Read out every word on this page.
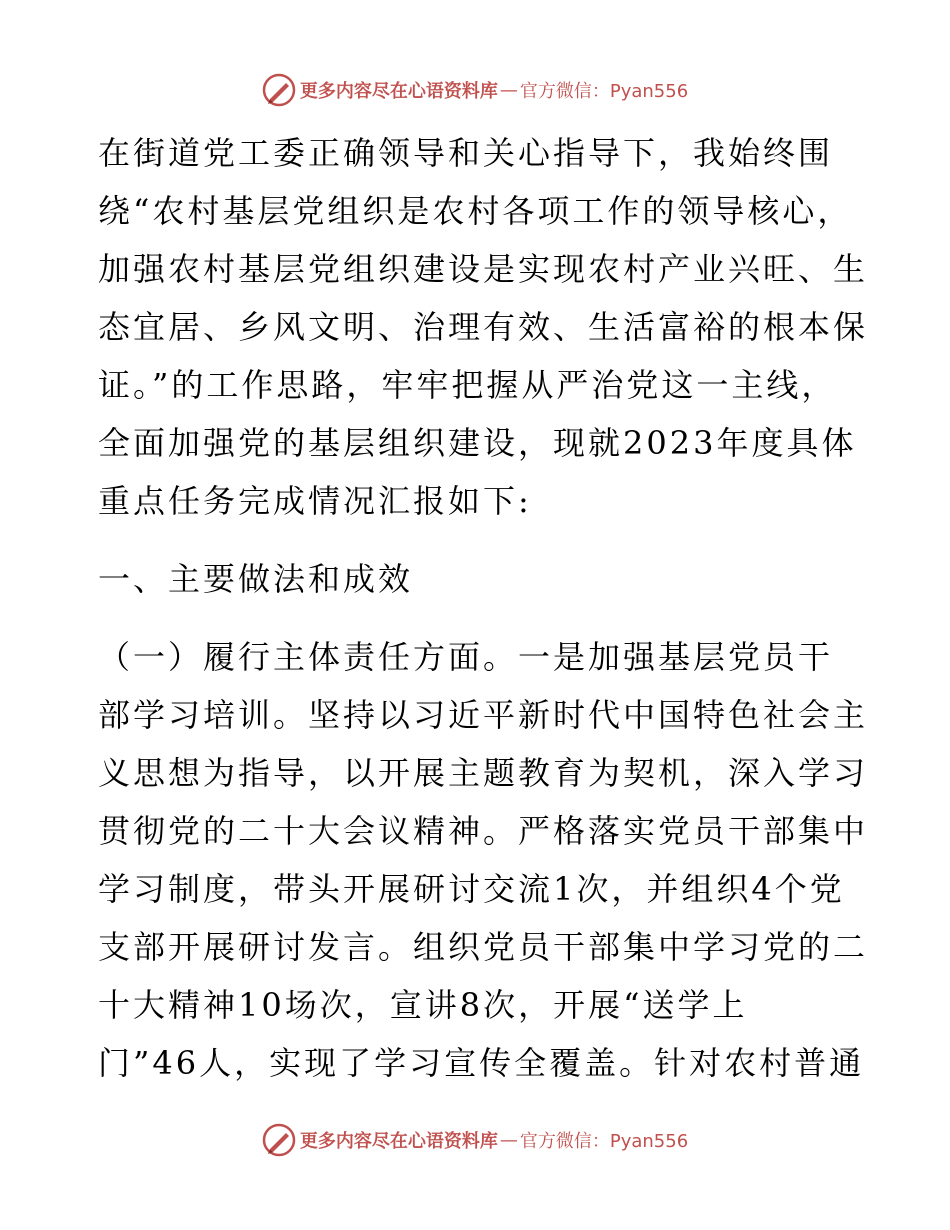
更多内容尽在心语资料库 — 官方微信：Pyan556
在街道党工委正确领导和关心指导下，我始终围
绕“农村基层党组织是农村各项工作的领导核心，
加强农村基层党组织建设是实现农村产业兴旺、生
态宜居、乡风文明、治理有效、生活富裕的根本保
证。”的工作思路，牢牢把握从严治党这一主线，
全面加强党的基层组织建设，现就2023年度具体
重点任务完成情况汇报如下:
一、主要做法和成效
（一）履行主体责任方面。一是加强基层党员干
部学习培训。坚持以习近平新时代中国特色社会主
义思想为指导，以开展主题教育为契机，深入学习
贯彻党的二十大会议精神。严格落实党员干部集中
学习制度，带头开展研讨交流1次，并组织4个党
支部开展研讨发言。组织党员干部集中学习党的二
十大精神10场次，宣讲8次，开展“送学上
门”46人，实现了学习宣传全覆盖。针对农村普通
更多内容尽在心语资料库 — 官方微信：Pyan556
